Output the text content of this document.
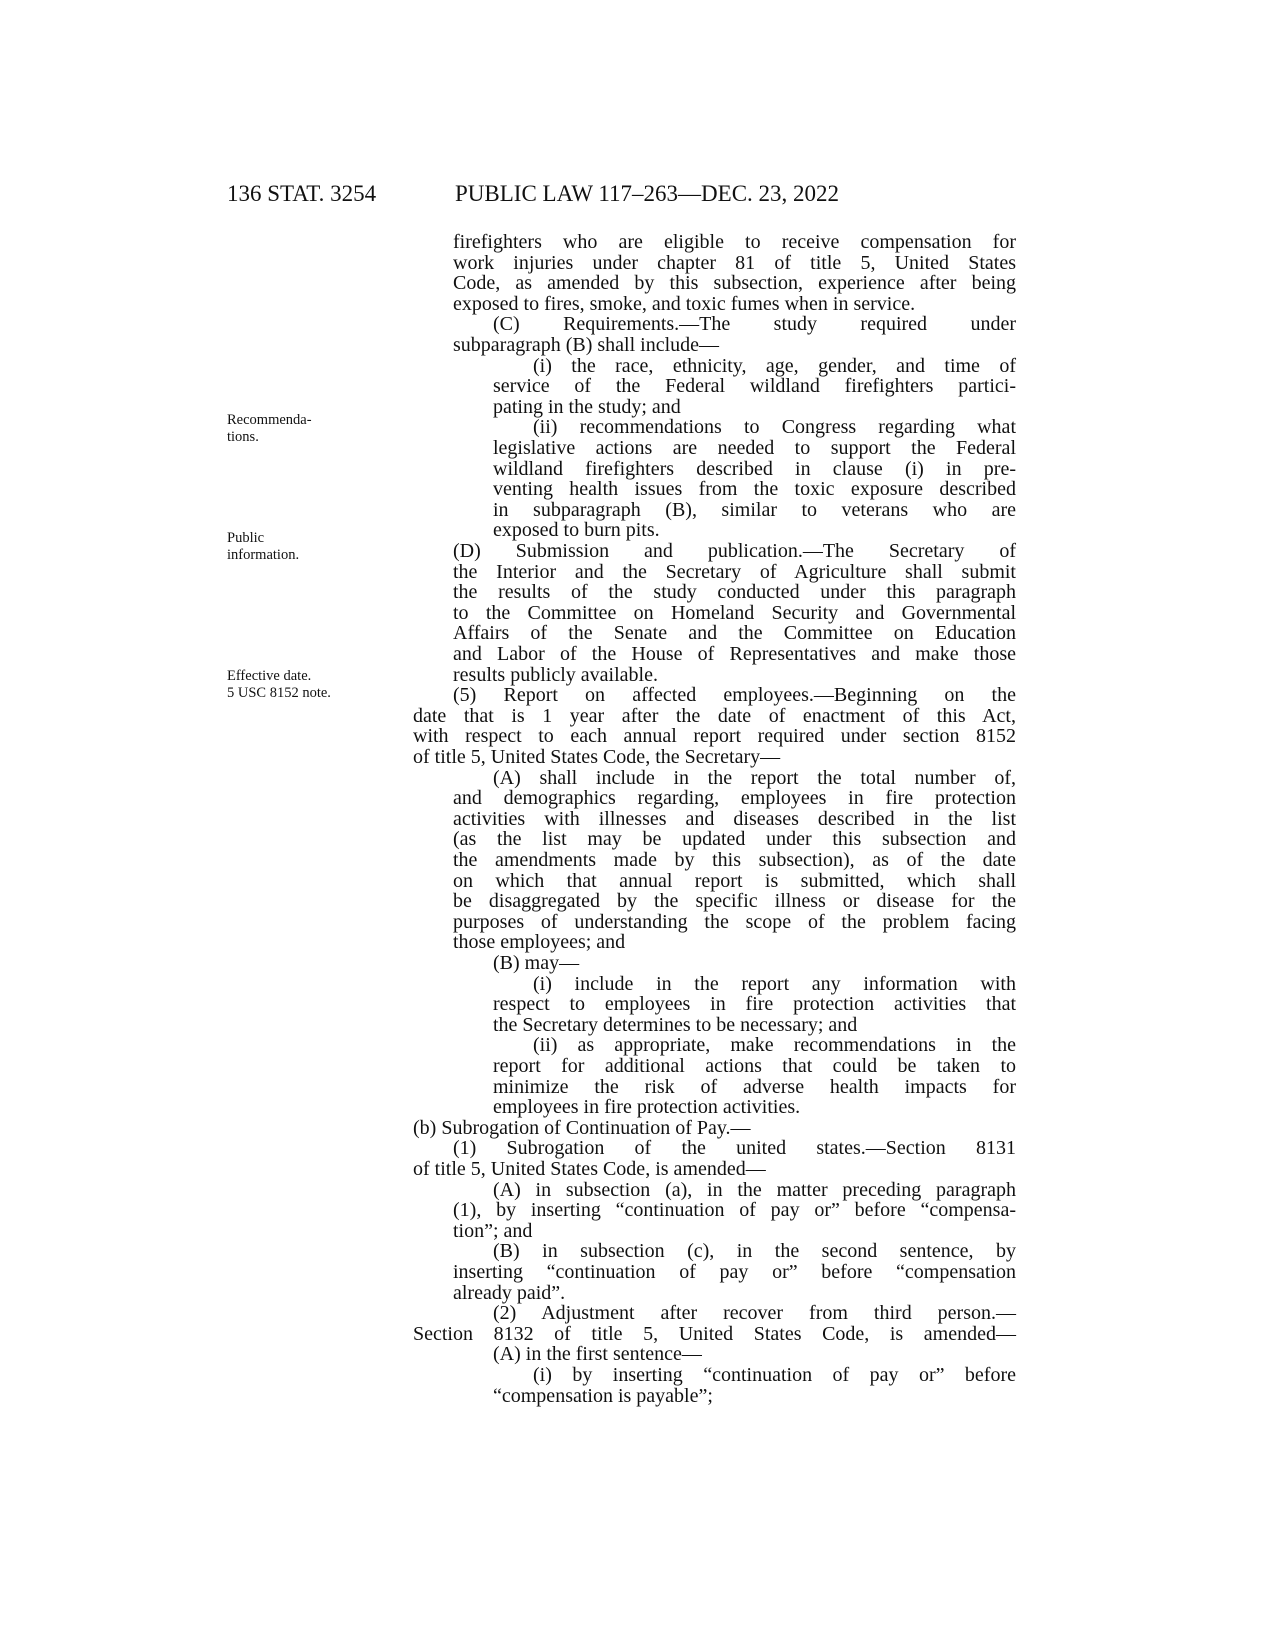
136 STAT. 3254	PUBLIC LAW 117–263—DEC. 23, 2022
Recommenda-
tions.
Public
information.
Effective date.
5 USC 8152 note.
firefighters who are eligible to receive compensation for
work injuries under chapter 81 of title 5, United States
Code, as amended by this subsection, experience after being
exposed to fires, smoke, and toxic fumes when in service.
(C) Requirements.—The study required under
subparagraph (B) shall include—
(i) the race, ethnicity, age, gender, and time of
service of the Federal wildland firefighters partici-
pating in the study; and
(ii) recommendations to Congress regarding what
legislative actions are needed to support the Federal
wildland firefighters described in clause (i) in pre-
venting health issues from the toxic exposure described
in subparagraph (B), similar to veterans who are
exposed to burn pits.
(D) Submission and publication.—The Secretary of
the Interior and the Secretary of Agriculture shall submit
the results of the study conducted under this paragraph
to the Committee on Homeland Security and Governmental
Affairs of the Senate and the Committee on Education
and Labor of the House of Representatives and make those
results publicly available.
(5) Report on affected employees.—Beginning on the
date that is 1 year after the date of enactment of this Act,
with respect to each annual report required under section 8152
of title 5, United States Code, the Secretary—
(A) shall include in the report the total number of,
and demographics regarding, employees in fire protection
activities with illnesses and diseases described in the list
(as the list may be updated under this subsection and
the amendments made by this subsection), as of the date
on which that annual report is submitted, which shall
be disaggregated by the specific illness or disease for the
purposes of understanding the scope of the problem facing
those employees; and
(B) may—
(i) include in the report any information with
respect to employees in fire protection activities that
the Secretary determines to be necessary; and
(ii) as appropriate, make recommendations in the
report for additional actions that could be taken to
minimize the risk of adverse health impacts for
employees in fire protection activities.
(b) Subrogation of Continuation of Pay.—
(1) Subrogation of the united states.—Section 8131
of title 5, United States Code, is amended—
(A) in subsection (a), in the matter preceding paragraph
(1), by inserting “continuation of pay or” before “compensa-
tion”; and
(B) in subsection (c), in the second sentence, by
inserting “continuation of pay or” before “compensation
already paid”.
(2) Adjustment after recover from third person.—
Section 8132 of title 5, United States Code, is amended—
(A) in the first sentence—
(i) by inserting “continuation of pay or” before
“compensation is payable”;
